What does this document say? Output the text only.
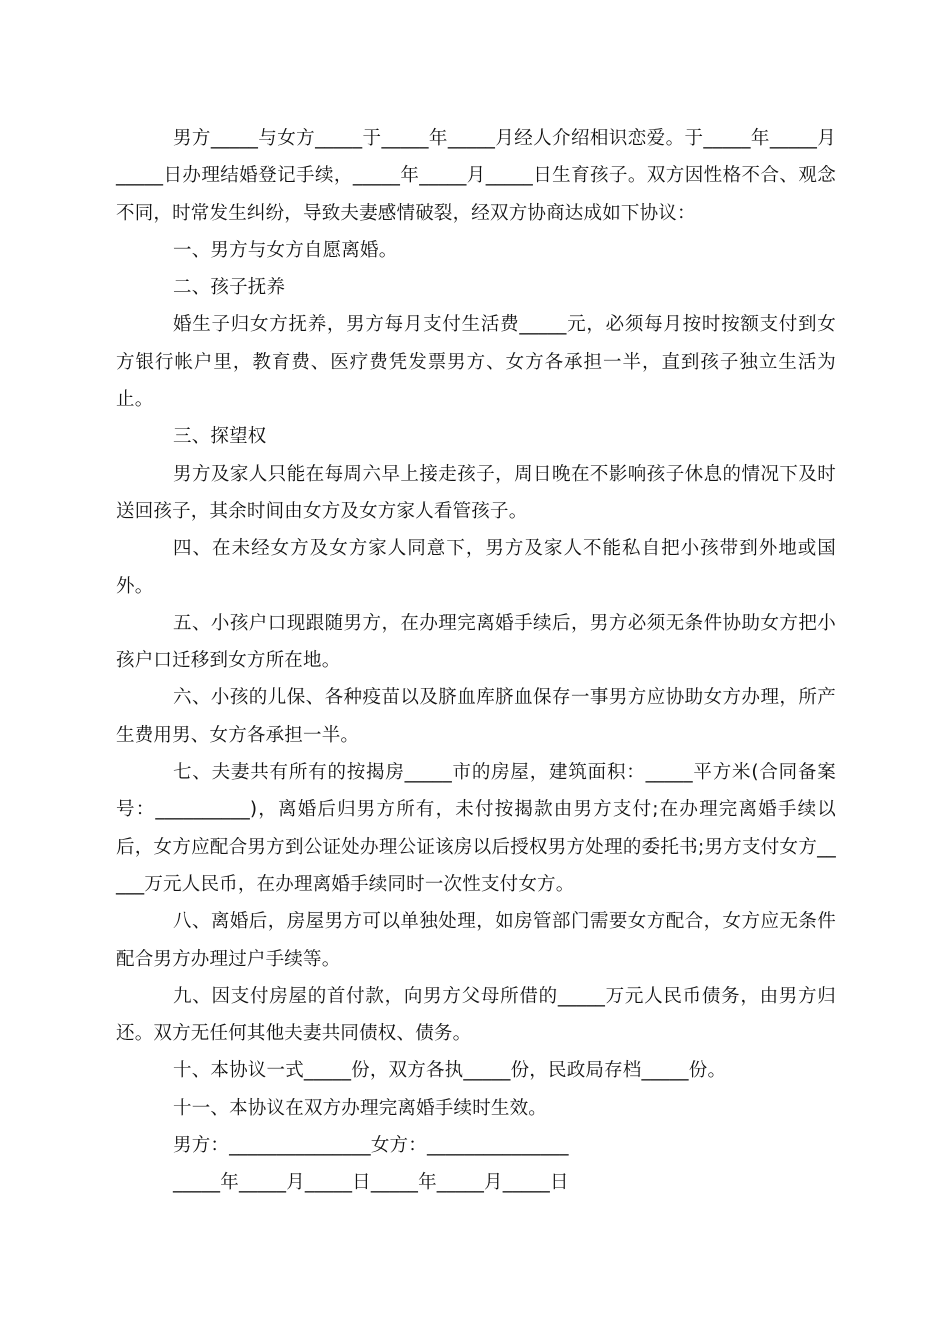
男方_____与女方_____于_____年_____月经人介绍相识恋爱。于_____年_____月_____日办理结婚登记手续，_____年_____月_____日生育孩子。双方因性格不合、观念不同，时常发生纠纷，导致夫妻感情破裂，经双方协商达成如下协议：

一、男方与女方自愿离婚。

二、孩子抚养

婚生子归女方抚养，男方每月支付生活费_____元，必须每月按时按额支付到女方银行帐户里，教育费、医疗费凭发票男方、女方各承担一半，直到孩子独立生活为止。

三、探望权

男方及家人只能在每周六早上接走孩子，周日晚在不影响孩子休息的情况下及时送回孩子，其余时间由女方及女方家人看管孩子。

四、在未经女方及女方家人同意下，男方及家人不能私自把小孩带到外地或国外。

五、小孩户口现跟随男方，在办理完离婚手续后，男方必须无条件协助女方把小孩户口迁移到女方所在地。

六、小孩的儿保、各种疫苗以及脐血库脐血保存一事男方应协助女方办理，所产生费用男、女方各承担一半。

七、夫妻共有所有的按揭房_____市的房屋，建筑面积：_____平方米(合同备案号：__________)，离婚后归男方所有，未付按揭款由男方支付;在办理完离婚手续以后，女方应配合男方到公证处办理公证该房以后授权男方处理的委托书;男方支付女方_____万元人民币，在办理离婚手续同时一次性支付女方。

八、离婚后，房屋男方可以单独处理，如房管部门需要女方配合，女方应无条件配合男方办理过户手续等。

九、因支付房屋的首付款，向男方父母所借的_____万元人民币债务，由男方归还。双方无任何其他夫妻共同债权、债务。

十、本协议一式_____份，双方各执_____份，民政局存档_____份。

十一、本协议在双方办理完离婚手续时生效。

男方：_______________女方：_______________

_____年_____月_____日_____年_____月_____日
